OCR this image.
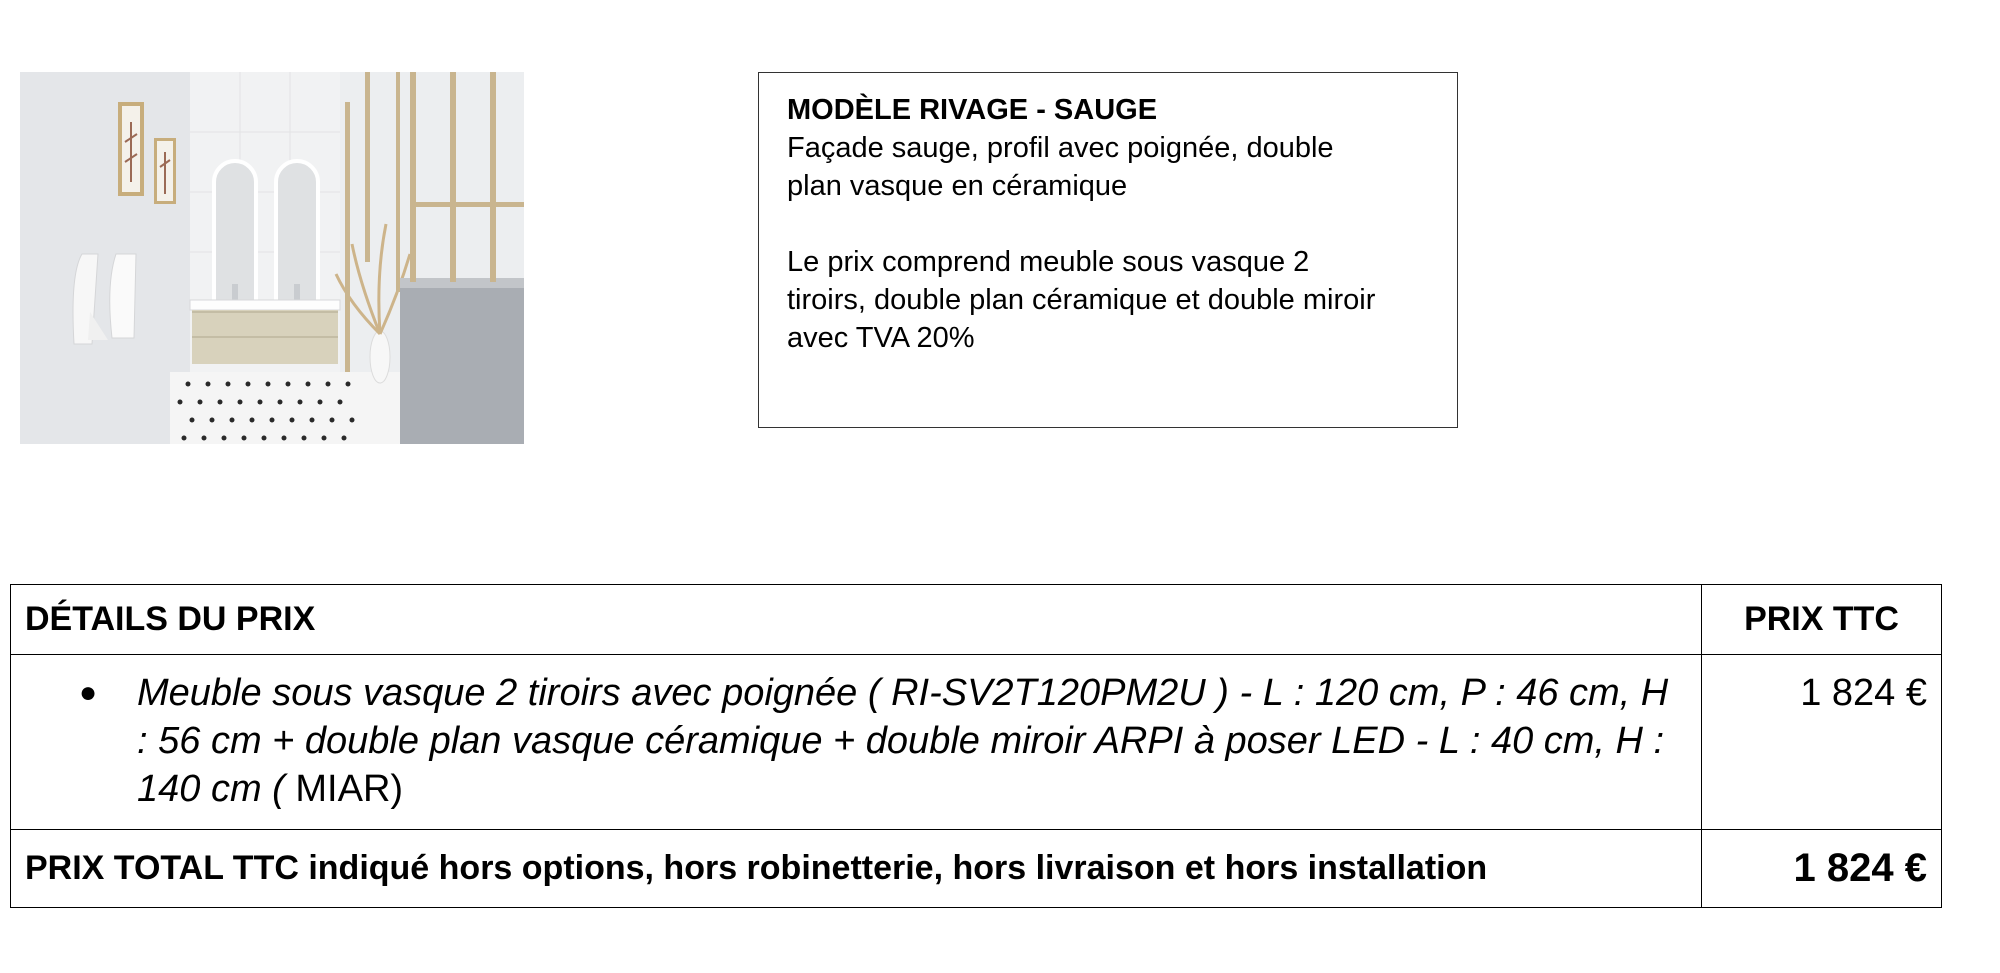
MODÈLE RIVAGE - SAUGE

Façade sauge, profil avec poignée, double

plan vasque en céramique

Le prix comprend meuble sous vasque 2

tiroirs, double plan céramique et double miroir

avec TVA 20%

DÉTAILS DU PRIX	PRIX TTC

● Meuble sous vasque 2 tiroirs avec poignée ( RI-SV2T120PM2U ) - L : 120 cm, P : 46 cm, H : 56 cm + double plan vasque céramique + double miroir ARPI à poser LED - L : 40 cm, H : 140 cm ( MIAR)	1 824 €
PRIX TOTAL TTC indiqué hors options, hors robinetterie, hors livraison et hors installation	1 824 €
